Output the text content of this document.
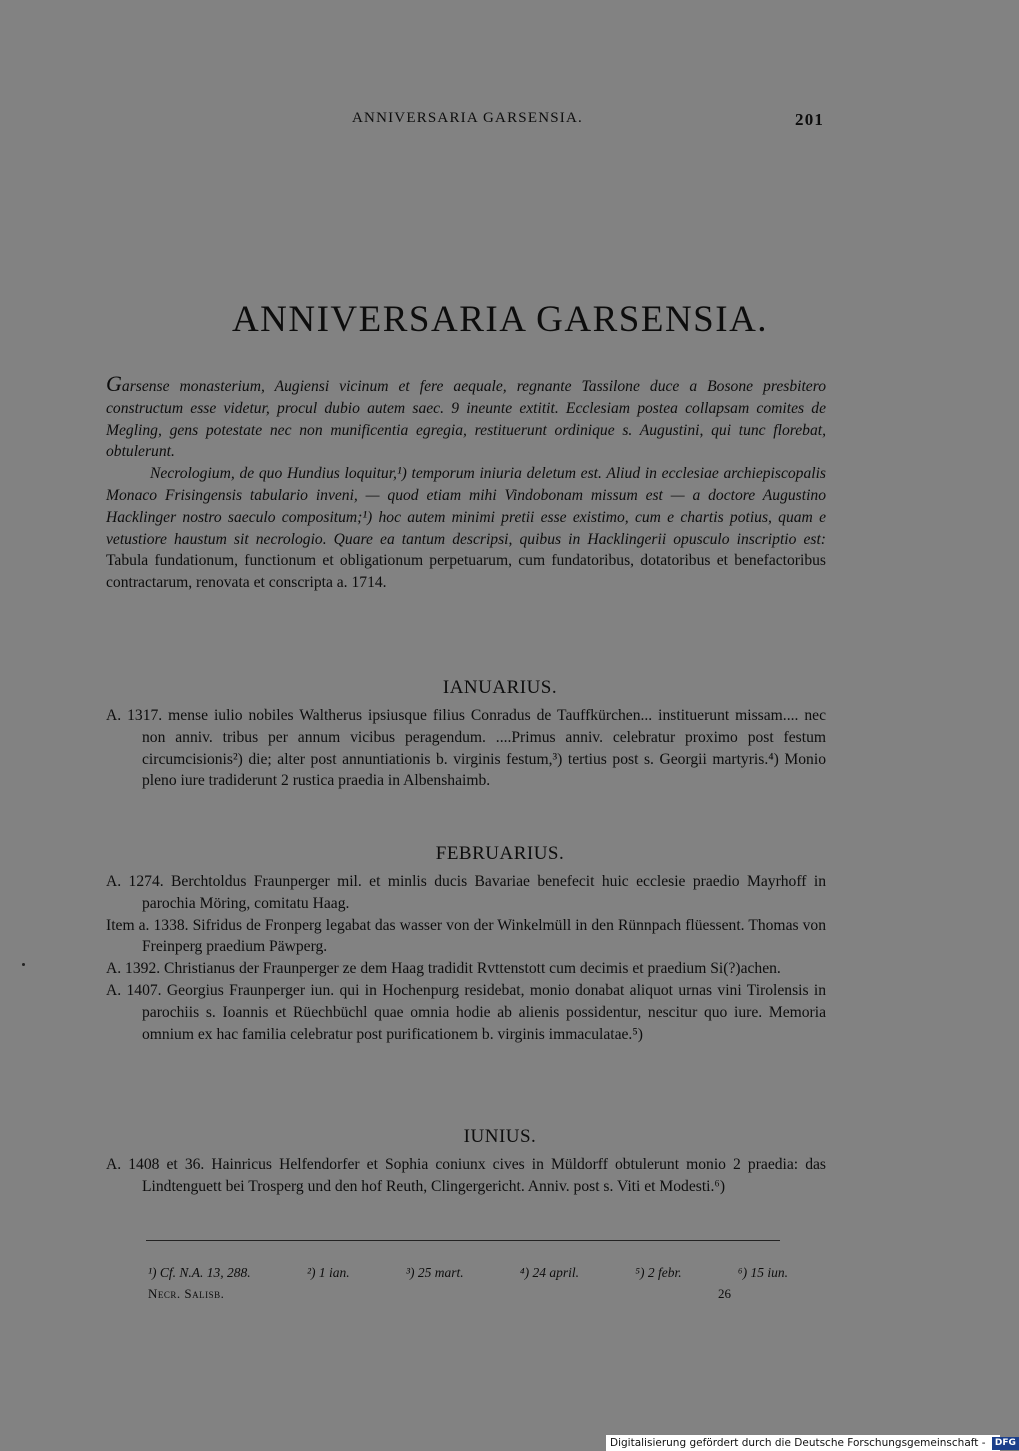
ANNIVERSARIA GARSENSIA.	201
ANNIVERSARIA GARSENSIA.

Garsense monasterium, Augiensi vicinum et fere aequale, regnante Tassilone duce a Bosone presbitero constructum esse videtur, procul dubio autem saec. 9 ineunte extitit. Ecclesiam postea collapsam comites de Megling, gens potestate nec non munificentia egregia, restituerunt ordinique s. Augustini, qui tunc florebat, obtulerunt.

Necrologium, de quo Hundius loquitur,¹) temporum iniuria deletum est. Aliud in ecclesiae archiepiscopalis Monaco Frisingensis tabulario inveni, — quod etiam mihi Vindobonam missum est — a doctore Augustino Hacklinger nostro saeculo compositum;¹) hoc autem minimi pretii esse existimo, cum e chartis potius, quam e vetustiore haustum sit necrologio. Quare ea tantum descripsi, quibus in Hacklingerii opusculo inscriptio est: Tabula fundationum, functionum et obligationum perpetuarum, cum fundatoribus, dotatoribus et benefactoribus contractarum, renovata et conscripta a. 1714.

IANUARIUS.

A. 1317. mense iulio nobiles Waltherus ipsiusque filius Conradus de Tauffkürchen... instituerunt missam.... nec non anniv. tribus per annum vicibus peragendum. ....Primus anniv. celebratur proximo post festum circumcisionis²) die; alter post annuntiationis b. virginis festum,³) tertius post s. Georgii martyris.⁴) Monio pleno iure tradiderunt 2 rustica praedia in Albenshaimb.

FEBRUARIUS.

A. 1274. Berchtoldus Fraunperger mil. et minlis ducis Bavariae benefecit huic ecclesie praedio Mayrhoff in parochia Möring, comitatu Haag.

Item a. 1338. Sifridus de Fronperg legabat das wasser von der Winkelmüll in den Rünnpach flüessent. Thomas von Freinperg praedium Päwperg.

A. 1392. Christianus der Fraunperger ze dem Haag tradidit Rvttenstott cum decimis et praedium Si(?)achen.

A. 1407. Georgius Fraunperger iun. qui in Hochenpurg residebat, monio donabat aliquot urnas vini Tirolensis in parochiis s. Ioannis et Rüechbüchl quae omnia hodie ab alienis possidentur, nescitur quo iure. Memoria omnium ex hac familia celebratur post purificationem b. virginis immaculatae.⁵)

IUNIUS.

A. 1408 et 36. Hainricus Helfendorfer et Sophia coniunx cives in Müldorff obtulerunt monio 2 praedia: das Lindtenguett bei Trosperg und den hof Reuth, Clingergericht. Anniv. post s. Viti et Modesti.⁶)

¹) Cf. N.A. 13, 288.	²) 1 ian.	³) 25 mart.	⁴) 24 april.	⁵) 2 febr.	⁶) 15 iun.
Necr. Salisb.	26
Digitalisierung gefördert durch die Deutsche Forschungsgemeinschaft - DFG
